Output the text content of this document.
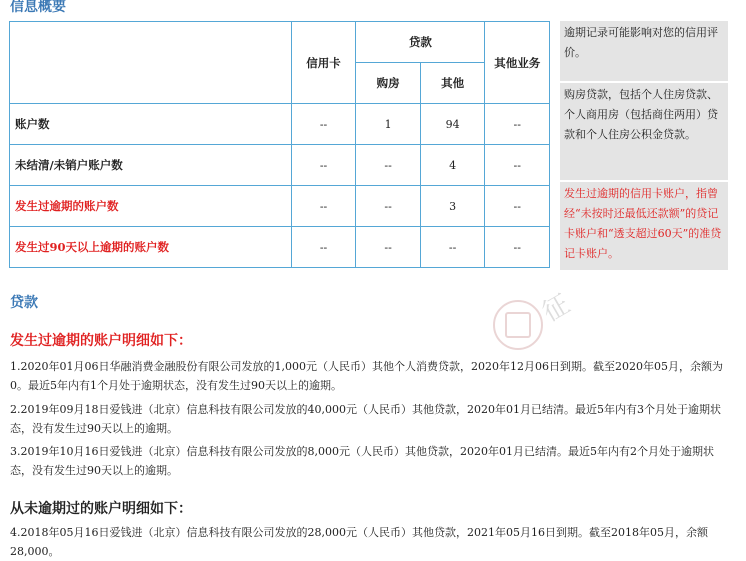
信息概要
	信用卡	贷款		其他业务
		购房	其他	
账户数	--	1	94	--
未结清/未销户账户数	--	--	4	--
发生过逾期的账户数	--	--	3	--
发生过90天以上逾期的账户数	--	--	--	--
逾期记录可能影响对您的信用评价。
购房贷款，包括个人住房贷款、个人商用房（包括商住两用）贷款和个人住房公积金贷款。
发生过逾期的信用卡账户，指曾经“未按时还最低还款额”的贷记卡账户和“透支超过60天”的准贷记卡账户。
征
贷款
发生过逾期的账户明细如下：
1.2020年01月06日华融消费金融股份有限公司发放的1,000元（人民币）其他个人消费贷款，2020年12月06日到期。截至2020年05月，余额为0。最近5年内有1个月处于逾期状态，没有发生过90天以上的逾期。
2.2019年09月18日爱钱进（北京）信息科技有限公司发放的40,000元（人民币）其他贷款，2020年01月已结清。最近5年内有3个月处于逾期状态，没有发生过90天以上的逾期。
3.2019年10月16日爱钱进（北京）信息科技有限公司发放的8,000元（人民币）其他贷款，2020年01月已结清。最近5年内有2个月处于逾期状态，没有发生过90天以上的逾期。
从未逾期过的账户明细如下：
4.2018年05月16日爱钱进（北京）信息科技有限公司发放的28,000元（人民币）其他贷款，2021年05月16日到期。截至2018年05月，余额28,000。
